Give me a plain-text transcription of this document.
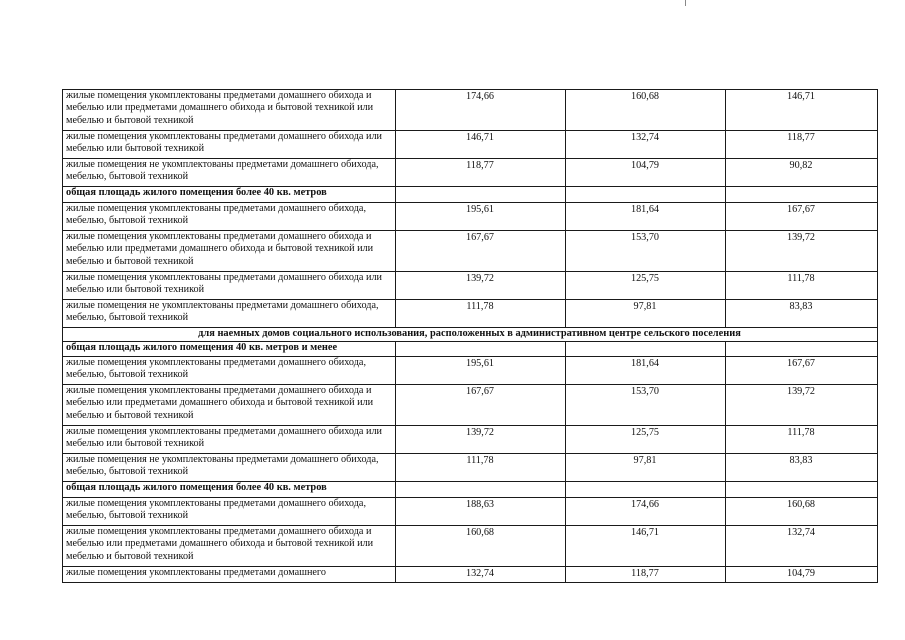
жилые помещения укомплектованы предметами домашнего обихода и мебелью или предметами домашнего обихода и бытовой техникой или мебелью и бытовой техникой	174,66	160,68	146,71
жилые помещения укомплектованы предметами домашнего обихода или мебелью или бытовой техникой	146,71	132,74	118,77
жилые помещения не укомплектованы предметами домашнего обихода, мебелью, бытовой техникой	118,77	104,79	90,82
общая площадь жилого помещения более 40 кв. метров			
жилые помещения укомплектованы предметами домашнего обихода, мебелью, бытовой техникой	195,61	181,64	167,67
жилые помещения укомплектованы предметами домашнего обихода и мебелью или предметами домашнего обихода и бытовой техникой или мебелью и бытовой техникой	167,67	153,70	139,72
жилые помещения укомплектованы предметами домашнего обихода или мебелью или бытовой техникой	139,72	125,75	111,78
жилые помещения не укомплектованы предметами домашнего обихода, мебелью, бытовой техникой	111,78	97,81	83,83
для наемных домов социального использования, расположенных в административном центре сельского поселения			
общая площадь жилого помещения 40 кв. метров и менее			
жилые помещения укомплектованы предметами домашнего обихода, мебелью, бытовой техникой	195,61	181,64	167,67
жилые помещения укомплектованы предметами домашнего обихода и мебелью или предметами домашнего обихода и бытовой техникой или мебелью и бытовой техникой	167,67	153,70	139,72
жилые помещения укомплектованы предметами домашнего обихода или мебелью или бытовой техникой	139,72	125,75	111,78
жилые помещения не укомплектованы предметами домашнего обихода, мебелью, бытовой техникой	111,78	97,81	83,83
общая площадь жилого помещения более 40 кв. метров			
жилые помещения укомплектованы предметами домашнего обихода, мебелью, бытовой техникой	188,63	174,66	160,68
жилые помещения укомплектованы предметами домашнего обихода и мебелью или предметами домашнего обихода и бытовой техникой или мебелью и бытовой техникой	160,68	146,71	132,74
жилые помещения укомплектованы предметами домашнего	132,74	118,77	104,79
